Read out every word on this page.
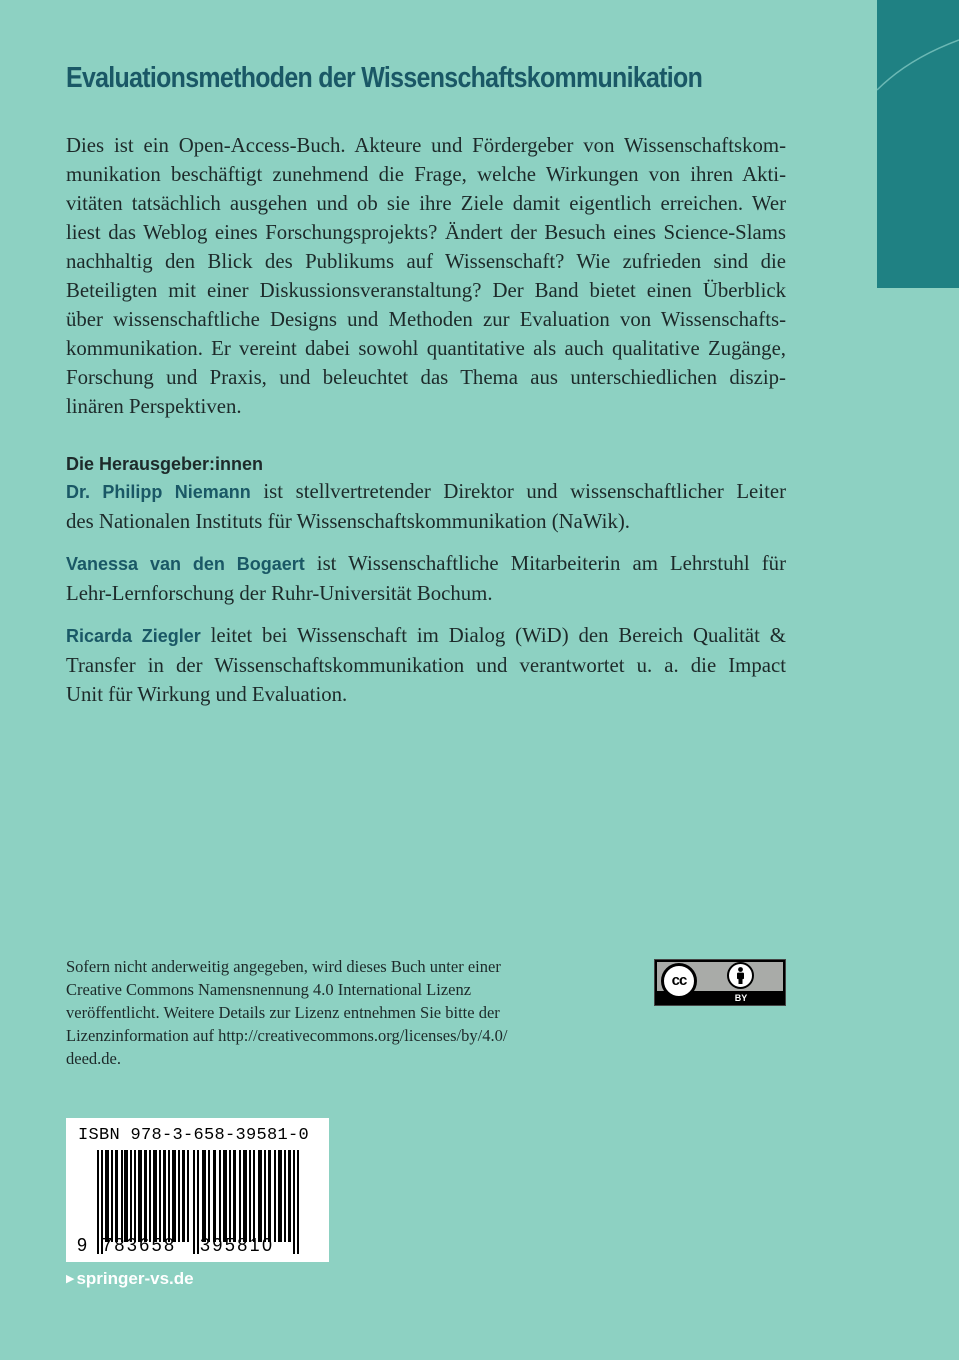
Evaluationsmethoden der Wissenschaftskommunikation

Dies ist ein Open-Access-Buch. Akteure und Fördergeber von Wissenschaftskom-
munikation beschäftigt zunehmend die Frage, welche Wirkungen von ihren Akti-
vitäten tatsächlich ausgehen und ob sie ihre Ziele damit eigentlich erreichen. Wer
liest das Weblog eines Forschungsprojekts? Ändert der Besuch eines Science-Slams
nachhaltig den Blick des Publikums auf Wissenschaft? Wie zufrieden sind die
Beteiligten mit einer Diskussionsveranstaltung? Der Band bietet einen Überblick
über wissenschaftliche Designs und Methoden zur Evaluation von Wissenschafts-
kommunikation. Er vereint dabei sowohl quantitative als auch qualitative Zugänge,
Forschung und Praxis, und beleuchtet das Thema aus unterschiedlichen diszip-
linären Perspektiven.

Die Herausgeber:innen

Dr. Philipp Niemann ist stellvertretender Direktor und wissenschaftlicher Leiter
des Nationalen Instituts für Wissenschaftskommunikation (NaWik).

Vanessa van den Bogaert ist Wissenschaftliche Mitarbeiterin am Lehrstuhl für
Lehr-Lernforschung der Ruhr-Universität Bochum.

Ricarda Ziegler leitet bei Wissenschaft im Dialog (WiD) den Bereich Qualität &
Transfer in der Wissenschaftskommunikation und verantwortet u. a. die Impact
Unit für Wirkung und Evaluation.

Sofern nicht anderweitig angegeben, wird dieses Buch unter einer
Creative Commons Namensnennung 4.0 International Lizenz
veröffentlicht. Weitere Details zur Lizenz entnehmen Sie bitte der
Lizenzinformation auf http://creativecommons.org/licenses/by/4.0/
deed.de.

cc
BY
ISBN 978-3-658-39581-0
9 783658 395810
▶ springer-vs.de
